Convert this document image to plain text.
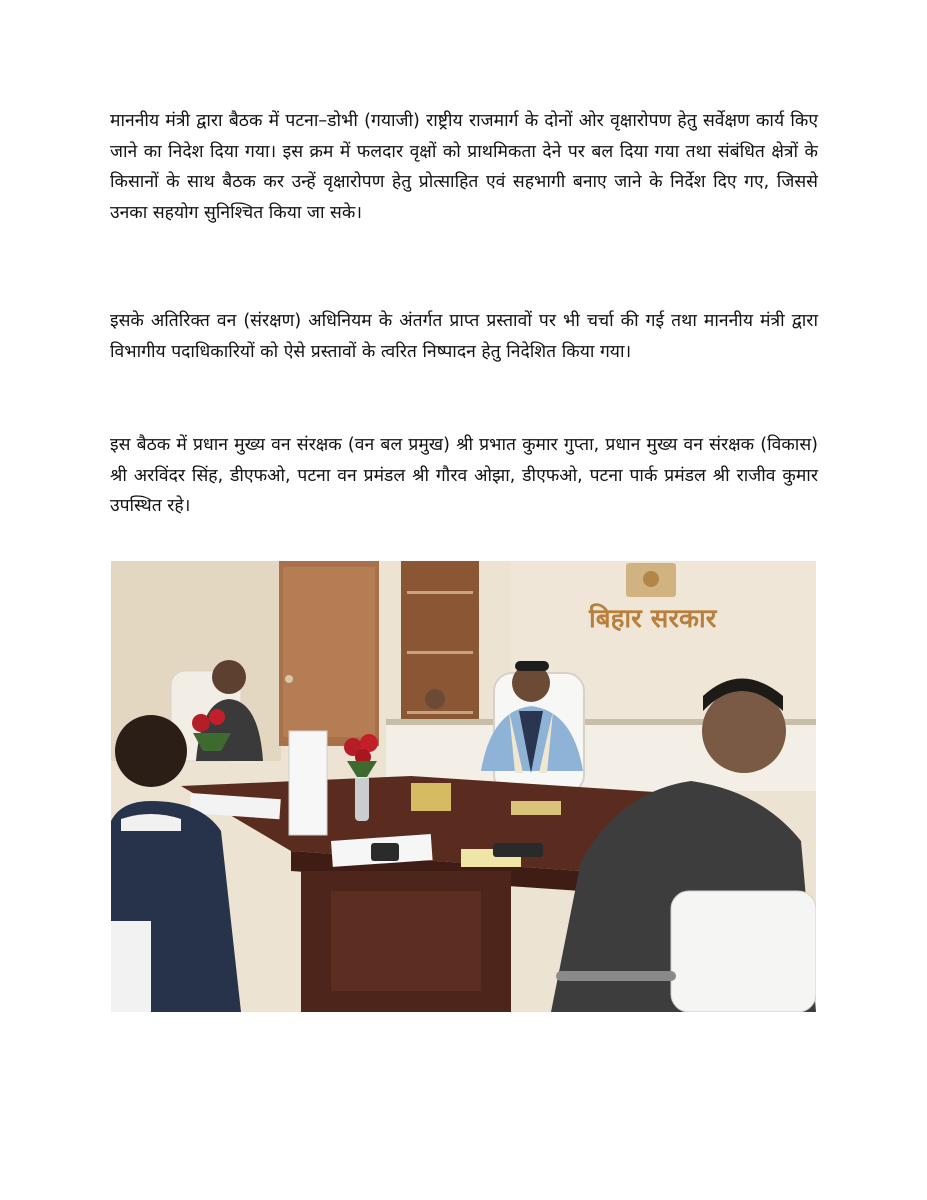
माननीय मंत्री द्वारा बैठक में पटना–डोभी (गयाजी) राष्ट्रीय राजमार्ग के दोनों ओर वृक्षारोपण हेतु सर्वेक्षण कार्य किए जाने का निदेश दिया गया। इस क्रम में फलदार वृक्षों को प्राथमिकता देने पर बल दिया गया तथा संबंधित क्षेत्रों के किसानों के साथ बैठक कर उन्हें वृक्षारोपण हेतु प्रोत्साहित एवं सहभागी बनाए जाने के निर्देश दिए गए, जिससे उनका सहयोग सुनिश्चित किया जा सके।

इसके अतिरिक्त वन (संरक्षण) अधिनियम के अंतर्गत प्राप्त प्रस्तावों पर भी चर्चा की गई तथा माननीय मंत्री द्वारा विभागीय पदाधिकारियों को ऐसे प्रस्तावों के त्वरित निष्पादन हेतु निदेशित किया गया।

इस बैठक में प्रधान मुख्य वन संरक्षक (वन बल प्रमुख) श्री प्रभात कुमार गुप्ता, प्रधान मुख्य वन संरक्षक (विकास) श्री अरविंदर सिंह, डीएफओ, पटना वन प्रमंडल श्री गौरव ओझा, डीएफओ, पटना पार्क प्रमंडल श्री राजीव कुमार उपस्थित रहे।

बिहार सरकार
